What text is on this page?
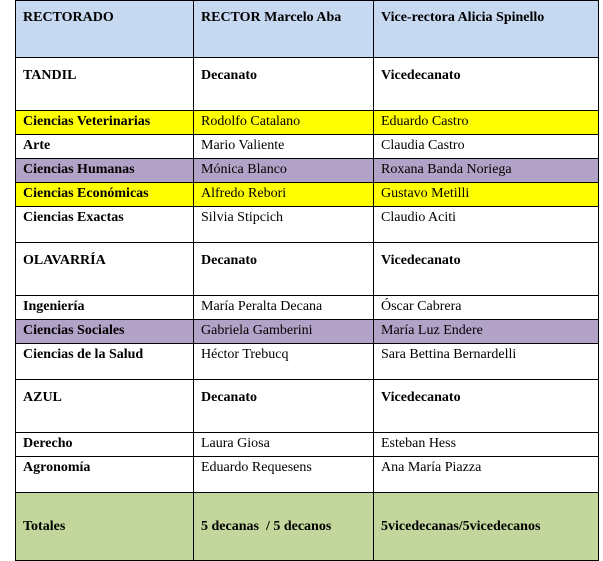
RECTORADO	RECTOR Marcelo Aba	Vice-rectora Alicia Spinello
TANDIL	Decanato	Vicedecanato
Ciencias Veterinarias	Rodolfo Catalano	Eduardo Castro
Arte	Mario Valiente	Claudia Castro
Ciencias Humanas	Mónica Blanco	Roxana Banda Noriega
Ciencias Económicas	Alfredo Rebori	Gustavo Metilli
Ciencias Exactas	Silvia Stipcich	Claudio Aciti
OLAVARRÍA	Decanato	Vicedecanato
Ingeniería	María Peralta Decana	Óscar Cabrera
Ciencias Sociales	Gabriela Gamberini	María Luz Endere
Ciencias de la Salud	Héctor Trebucq	Sara Bettina Bernardelli
AZUL	Decanato	Vicedecanato
Derecho	Laura Giosa	Esteban Hess
Agronomía	Eduardo Requesens	Ana María Piazza
Totales	5 decanas  / 5 decanos	5vicedecanas/5vicedecanos
